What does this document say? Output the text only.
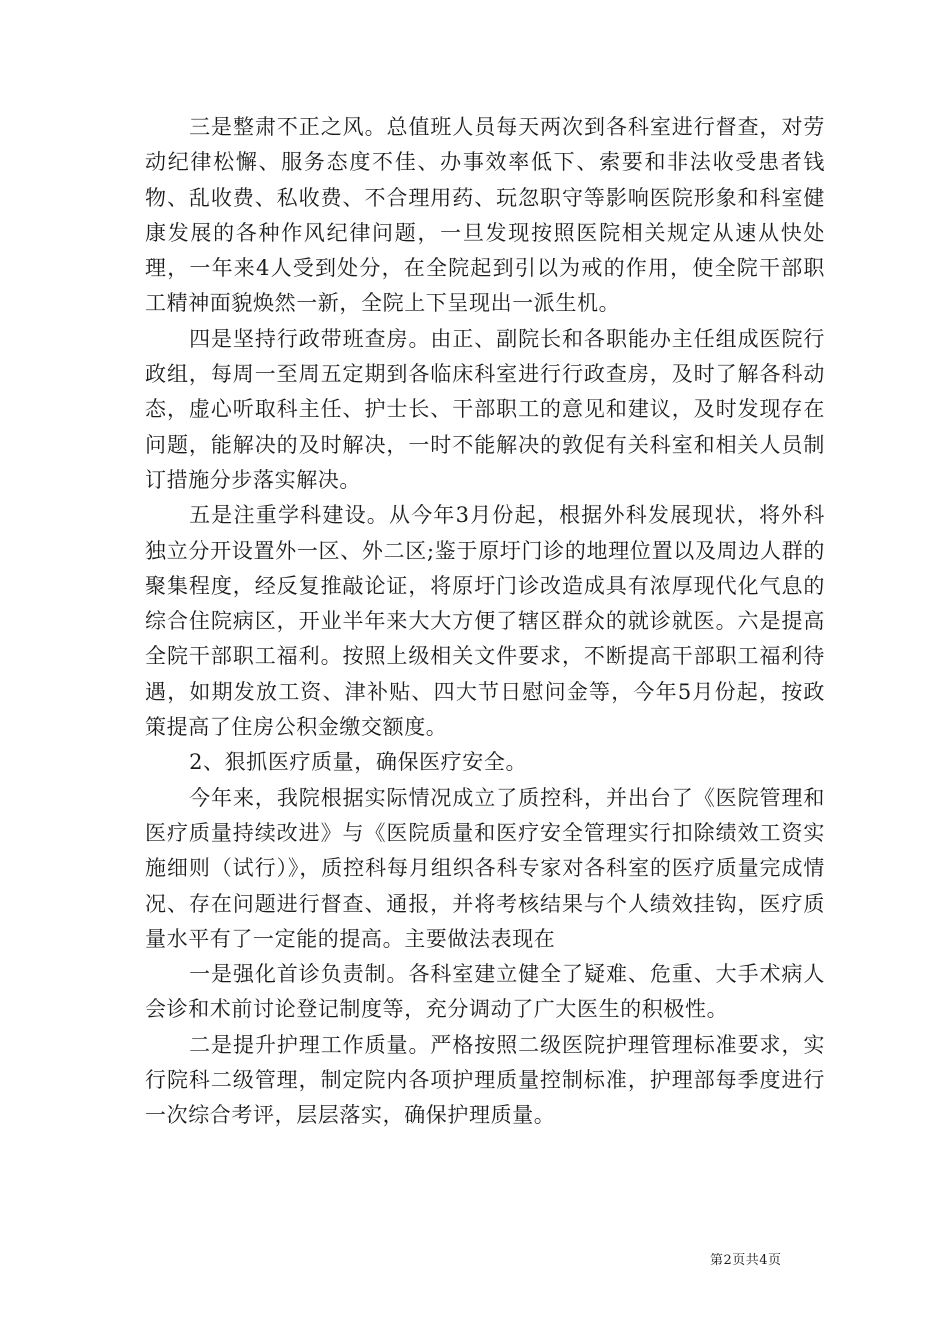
三是整肃不正之风。总值班人员每天两次到各科室进行督查，对劳动纪律松懈、服务态度不佳、办事效率低下、索要和非法收受患者钱物、乱收费、私收费、不合理用药、玩忽职守等影响医院形象和科室健康发展的各种作风纪律问题，一旦发现按照医院相关规定从速从快处理，一年来4人受到处分，在全院起到引以为戒的作用，使全院干部职工精神面貌焕然一新，全院上下呈现出一派生机。

四是坚持行政带班查房。由正、副院长和各职能办主任组成医院行政组，每周一至周五定期到各临床科室进行行政查房，及时了解各科动态，虚心听取科主任、护士长、干部职工的意见和建议，及时发现存在问题，能解决的及时解决，一时不能解决的敦促有关科室和相关人员制订措施分步落实解决。

五是注重学科建设。从今年3月份起，根据外科发展现状，将外科独立分开设置外一区、外二区;鉴于原圩门诊的地理位置以及周边人群的聚集程度，经反复推敲论证，将原圩门诊改造成具有浓厚现代化气息的综合住院病区，开业半年来大大方便了辖区群众的就诊就医。六是提高全院干部职工福利。按照上级相关文件要求，不断提高干部职工福利待遇，如期发放工资、津补贴、四大节日慰问金等，今年5月份起，按政策提高了住房公积金缴交额度。

2、狠抓医疗质量，确保医疗安全。

今年来，我院根据实际情况成立了质控科，并出台了《医院管理和医疗质量持续改进》与《医院质量和医疗安全管理实行扣除绩效工资实施细则（试行）》，质控科每月组织各科专家对各科室的医疗质量完成情况、存在问题进行督查、通报，并将考核结果与个人绩效挂钩，医疗质量水平有了一定能的提高。主要做法表现在

一是强化首诊负责制。各科室建立健全了疑难、危重、大手术病人会诊和术前讨论登记制度等，充分调动了广大医生的积极性。

二是提升护理工作质量。严格按照二级医院护理管理标准要求，实行院科二级管理，制定院内各项护理质量控制标准，护理部每季度进行一次综合考评，层层落实，确保护理质量。

第2页共4页
